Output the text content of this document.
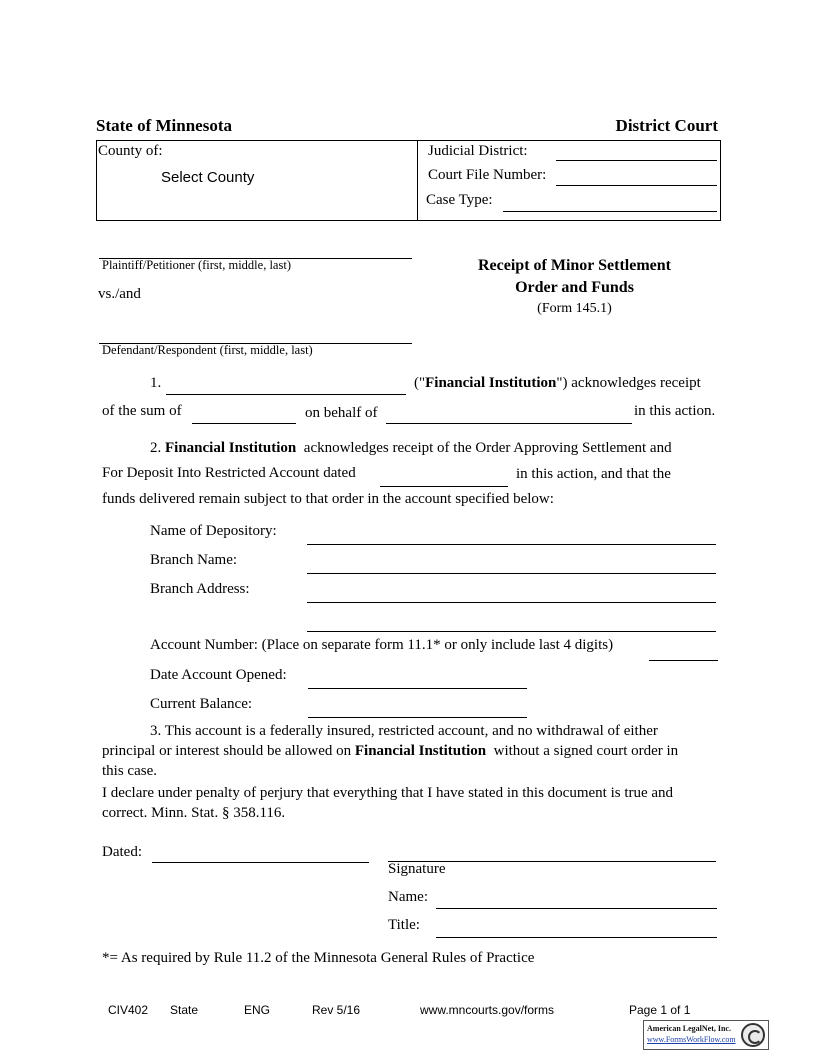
State of Minnesota	District Court
County of:
Select County
Judicial District:
Court File Number:
Case Type:
Plaintiff/Petitioner (first, middle, last)
vs./and
Defendant/Respondent (first, middle, last)
Receipt of Minor Settlement
Order and Funds
(Form 145.1)
1.	("Financial Institution") acknowledges receipt
of the sum of	on behalf of	in this action.
2. Financial Institution acknowledges receipt of the Order Approving Settlement and
For Deposit Into Restricted Account dated	in this action, and that the
funds delivered remain subject to that order in the account specified below:
Name of Depository:
Branch Name:
Branch Address:
Account Number: (Place on separate form 11.1* or only include last 4 digits)
Date Account Opened:
Current Balance:
3. This account is a federally insured, restricted account, and no withdrawal of either
principal or interest should be allowed on Financial Institution without a signed court order in
this case.
I declare under penalty of perjury that everything that I have stated in this document is true and
correct. Minn. Stat. § 358.116.
Dated:
Signature
Name:
Title:
*= As required by Rule 11.2 of the Minnesota General Rules of Practice
CIV402 State	ENG	Rev 5/16	www.mncourts.gov/forms	Page 1 of 1
American LegalNet, Inc.
www.FormsWorkFlow.com
